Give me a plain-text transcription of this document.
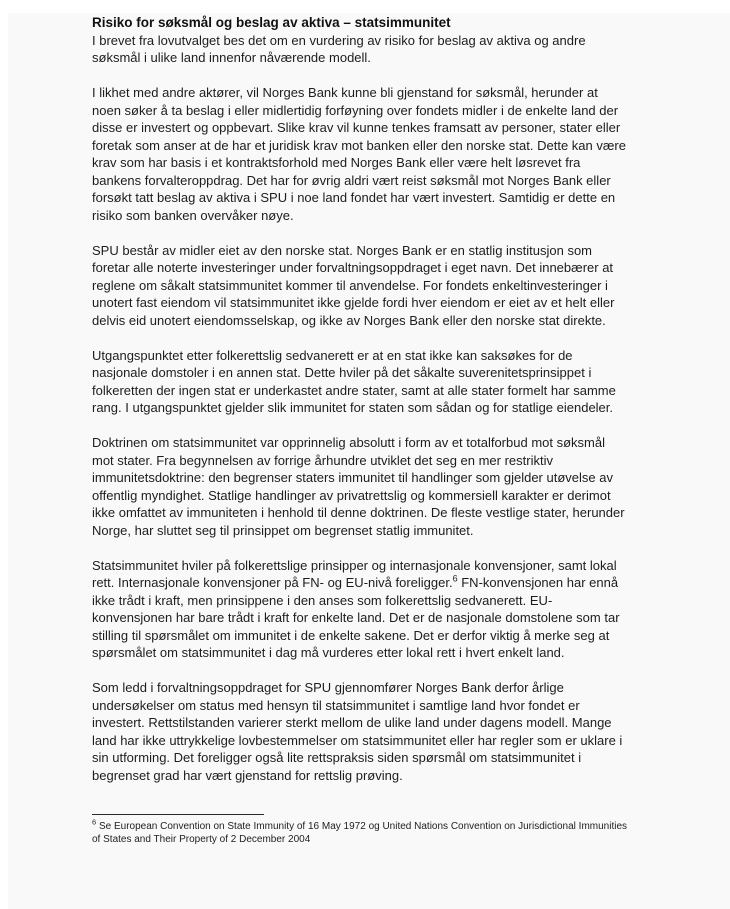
Risiko for søksmål og beslag av aktiva – statsimmunitet

I brevet fra lovutvalget bes det om en vurdering av risiko for beslag av aktiva og andre søksmål i ulike land innenfor nåværende modell.

I likhet med andre aktører, vil Norges Bank kunne bli gjenstand for søksmål, herunder at noen søker å ta beslag i eller midlertidig forføyning over fondets midler i de enkelte land der disse er investert og oppbevart. Slike krav vil kunne tenkes framsatt av personer, stater eller foretak som anser at de har et juridisk krav mot banken eller den norske stat. Dette kan være krav som har basis i et kontraktsforhold med Norges Bank eller være helt løsrevet fra bankens forvalteroppdrag. Det har for øvrig aldri vært reist søksmål mot Norges Bank eller forsøkt tatt beslag av aktiva i SPU i noe land fondet har vært investert. Samtidig er dette en risiko som banken overvåker nøye.

SPU består av midler eiet av den norske stat. Norges Bank er en statlig institusjon som foretar alle noterte investeringer under forvaltningsoppdraget i eget navn. Det innebærer at reglene om såkalt statsimmunitet kommer til anvendelse. For fondets enkeltinvesteringer i unotert fast eiendom vil statsimmunitet ikke gjelde fordi hver eiendom er eiet av et helt eller delvis eid unotert eiendomsselskap, og ikke av Norges Bank eller den norske stat direkte.

Utgangspunktet etter folkerettslig sedvanerett er at en stat ikke kan saksøkes for de nasjonale domstoler i en annen stat. Dette hviler på det såkalte suverenitetsprinsippet i folkeretten der ingen stat er underkastet andre stater, samt at alle stater formelt har samme rang. I utgangspunktet gjelder slik immunitet for staten som sådan og for statlige eiendeler.

Doktrinen om statsimmunitet var opprinnelig absolutt i form av et totalforbud mot søksmål mot stater. Fra begynnelsen av forrige århundre utviklet det seg en mer restriktiv immunitetsdoktrine: den begrenser staters immunitet til handlinger som gjelder utøvelse av offentlig myndighet. Statlige handlinger av privatrettslig og kommersiell karakter er derimot ikke omfattet av immuniteten i henhold til denne doktrinen. De fleste vestlige stater, herunder Norge, har sluttet seg til prinsippet om begrenset statlig immunitet.

Statsimmunitet hviler på folkerettslige prinsipper og internasjonale konvensjoner, samt lokal rett. Internasjonale konvensjoner på FN- og EU-nivå foreligger.$^6$ FN-konvensjonen har ennå ikke trådt i kraft, men prinsippene i den anses som folkerettslig sedvanerett. EU-konvensjonen har bare trådt i kraft for enkelte land. Det er de nasjonale domstolene som tar stilling til spørsmålet om immunitet i de enkelte sakene. Det er derfor viktig å merke seg at spørsmålet om statsimmunitet i dag må vurderes etter lokal rett i hvert enkelt land.

Som ledd i forvaltningsoppdraget for SPU gjennomfører Norges Bank derfor årlige undersøkelser om status med hensyn til statsimmunitet i samtlige land hvor fondet er investert. Rettstilstanden varierer sterkt mellom de ulike land under dagens modell. Mange land har ikke uttrykkelige lovbestemmelser om statsimmunitet eller har regler som er uklare i sin utforming. Det foreligger også lite rettspraksis siden spørsmål om statsimmunitet i begrenset grad har vært gjenstand for rettslig prøving.

$^6$ Se European Convention on State Immunity of 16 May 1972 og United Nations Convention on Jurisdictional Immunities of States and Their Property of 2 December 2004
